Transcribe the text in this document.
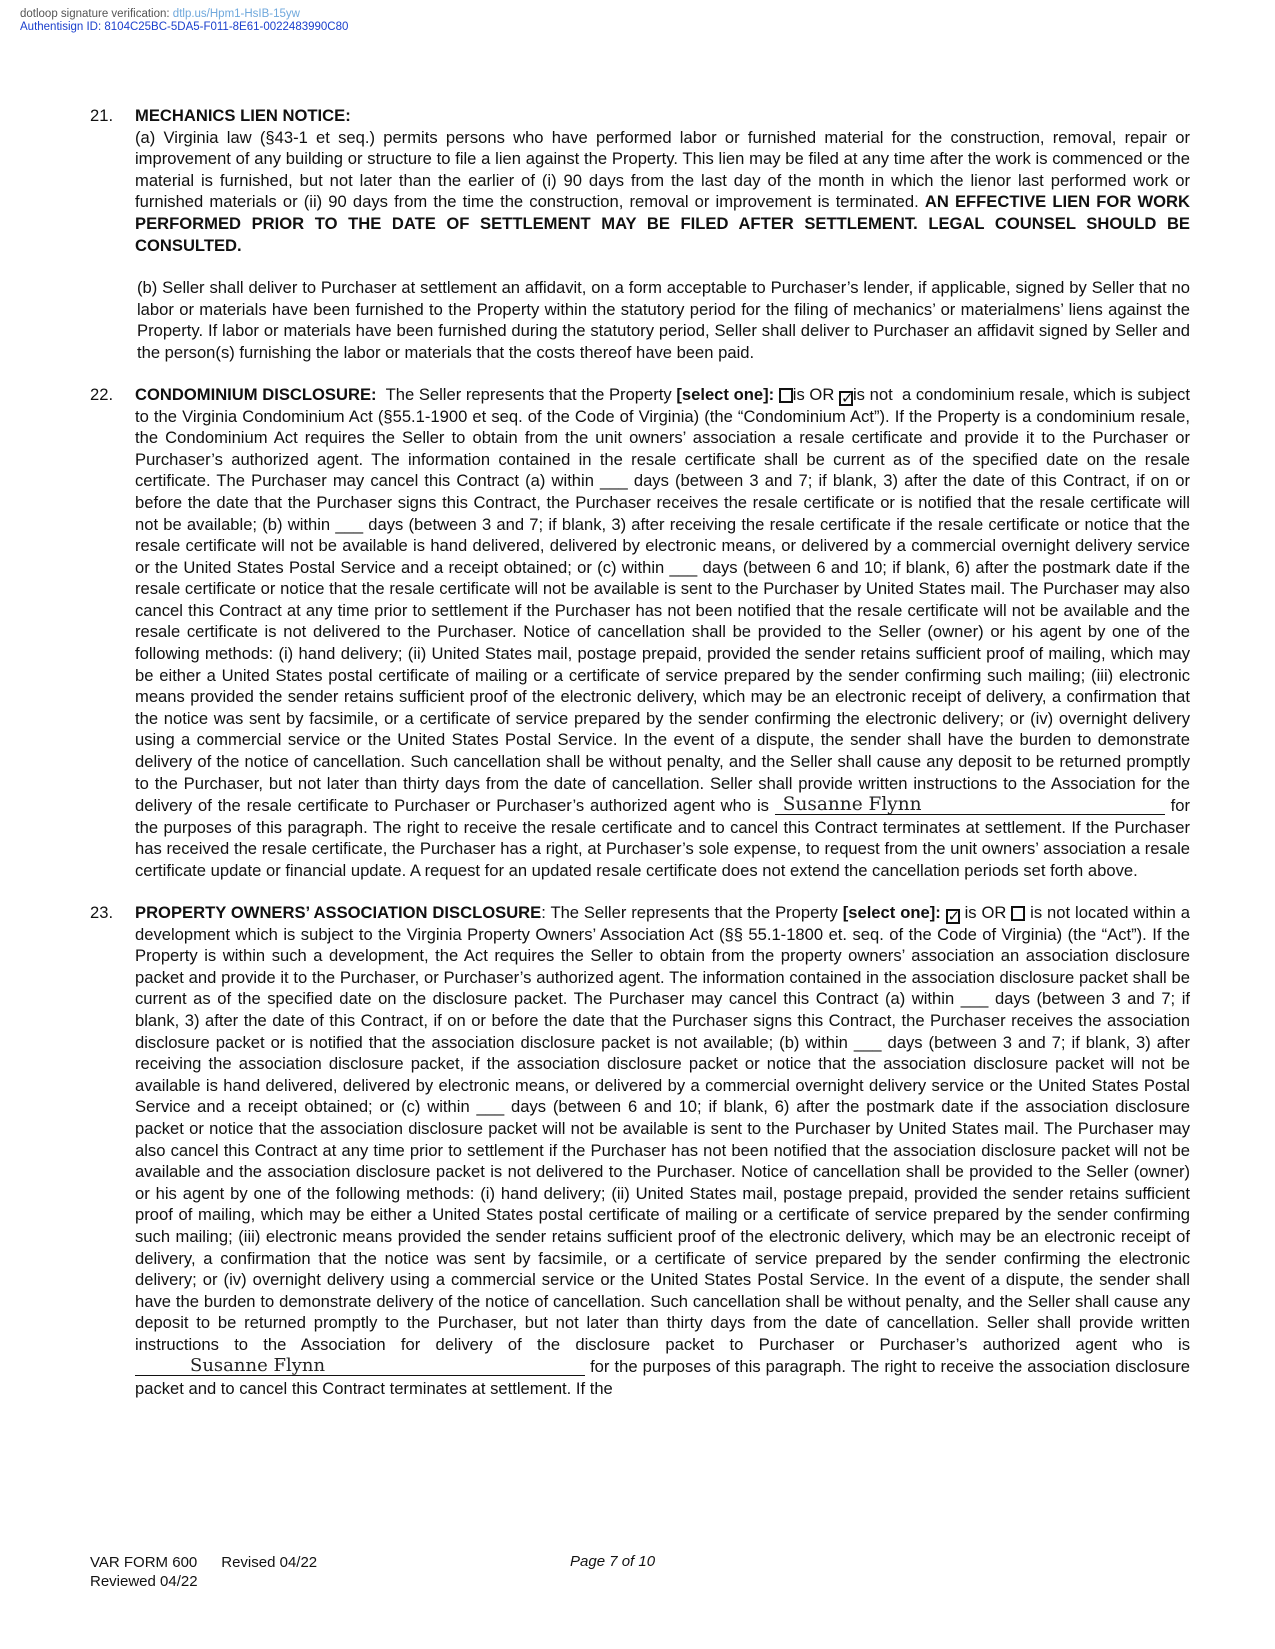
dotloop signature verification: dtlp.us/Hpm1-HsIB-15yw
Authentisign ID: 8104C25BC-5DA5-F011-8E61-0022483990C80
21. MECHANICS LIEN NOTICE:

(a) Virginia law (§43-1 et seq.) permits persons who have performed labor or furnished material for the construction, removal, repair or improvement of any building or structure to file a lien against the Property. This lien may be filed at any time after the work is commenced or the material is furnished, but not later than the earlier of (i) 90 days from the last day of the month in which the lienor last performed work or furnished materials or (ii) 90 days from the time the construction, removal or improvement is terminated. AN EFFECTIVE LIEN FOR WORK PERFORMED PRIOR TO THE DATE OF SETTLEMENT MAY BE FILED AFTER SETTLEMENT. LEGAL COUNSEL SHOULD BE CONSULTED.

(b) Seller shall deliver to Purchaser at settlement an affidavit, on a form acceptable to Purchaser’s lender, if applicable, signed by Seller that no labor or materials have been furnished to the Property within the statutory period for the filing of mechanics’ or materialmens’ liens against the Property. If labor or materials have been furnished during the statutory period, Seller shall deliver to Purchaser an affidavit signed by Seller and the person(s) furnishing the labor or materials that the costs thereof have been paid.

22. CONDOMINIUM DISCLOSURE: The Seller represents that the Property [select one]: is OR ✓ is not a condominium resale, which is subject to the Virginia Condominium Act (§55.1-1900 et seq. of the Code of Virginia) (the “Condominium Act”). If the Property is a condominium resale, the Condominium Act requires the Seller to obtain from the unit owners’ association a resale certificate and provide it to the Purchaser or Purchaser’s authorized agent. The information contained in the resale certificate shall be current as of the specified date on the resale certificate. The Purchaser may cancel this Contract (a) within ___ days (between 3 and 7; if blank, 3) after the date of this Contract, if on or before the date that the Purchaser signs this Contract, the Purchaser receives the resale certificate or is notified that the resale certificate will not be available; (b) within ___ days (between 3 and 7; if blank, 3) after receiving the resale certificate if the resale certificate or notice that the resale certificate will not be available is hand delivered, delivered by electronic means, or delivered by a commercial overnight delivery service or the United States Postal Service and a receipt obtained; or (c) within ___ days (between 6 and 10; if blank, 6) after the postmark date if the resale certificate or notice that the resale certificate will not be available is sent to the Purchaser by United States mail. The Purchaser may also cancel this Contract at any time prior to settlement if the Purchaser has not been notified that the resale certificate will not be available and the resale certificate is not delivered to the Purchaser. Notice of cancellation shall be provided to the Seller (owner) or his agent by one of the following methods: (i) hand delivery; (ii) United States mail, postage prepaid, provided the sender retains sufficient proof of mailing, which may be either a United States postal certificate of mailing or a certificate of service prepared by the sender confirming such mailing; (iii) electronic means provided the sender retains sufficient proof of the electronic delivery, which may be an electronic receipt of delivery, a confirmation that the notice was sent by facsimile, or a certificate of service prepared by the sender confirming the electronic delivery; or (iv) overnight delivery using a commercial service or the United States Postal Service. In the event of a dispute, the sender shall have the burden to demonstrate delivery of the notice of cancellation. Such cancellation shall be without penalty, and the Seller shall cause any deposit to be returned promptly to the Purchaser, but not later than thirty days from the date of cancellation. Seller shall provide written instructions to the Association for the delivery of the resale certificate to Purchaser or Purchaser’s authorized agent who is Susanne Flynn	for the purposes of this paragraph. The right to receive the resale certificate and to cancel this Contract terminates at settlement. If the Purchaser has received the resale certificate, the Purchaser has a right, at Purchaser’s sole expense, to request from the unit owners’ association a resale certificate update or financial update. A request for an updated resale certificate does not extend the cancellation periods set forth above.

23. PROPERTY OWNERS’ ASSOCIATION DISCLOSURE: The Seller represents that the Property [select one]: ✓ is OR is not located within a development which is subject to the Virginia Property Owners’ Association Act (§§ 55.1-1800 et. seq. of the Code of Virginia) (the “Act”). If the Property is within such a development, the Act requires the Seller to obtain from the property owners’ association an association disclosure packet and provide it to the Purchaser, or Purchaser’s authorized agent. The information contained in the association disclosure packet shall be current as of the specified date on the disclosure packet. The Purchaser may cancel this Contract (a) within ___ days (between 3 and 7; if blank, 3) after the date of this Contract, if on or before the date that the Purchaser signs this Contract, the Purchaser receives the association disclosure packet or is notified that the association disclosure packet is not available; (b) within ___ days (between 3 and 7; if blank, 3) after receiving the association disclosure packet, if the association disclosure packet or notice that the association disclosure packet will not be available is hand delivered, delivered by electronic means, or delivered by a commercial overnight delivery service or the United States Postal Service and a receipt obtained; or (c) within ___ days (between 6 and 10; if blank, 6) after the postmark date if the association disclosure packet or notice that the association disclosure packet will not be available is sent to the Purchaser by United States mail. The Purchaser may also cancel this Contract at any time prior to settlement if the Purchaser has not been notified that the association disclosure packet will not be available and the association disclosure packet is not delivered to the Purchaser. Notice of cancellation shall be provided to the Seller (owner) or his agent by one of the following methods: (i) hand delivery; (ii) United States mail, postage prepaid, provided the sender retains sufficient proof of mailing, which may be either a United States postal certificate of mailing or a certificate of service prepared by the sender confirming such mailing; (iii) electronic means provided the sender retains sufficient proof of the electronic delivery, which may be an electronic receipt of delivery, a confirmation that the notice was sent by facsimile, or a certificate of service prepared by the sender confirming the electronic delivery; or (iv) overnight delivery using a commercial service or the United States Postal Service. In the event of a dispute, the sender shall have the burden to demonstrate delivery of the notice of cancellation. Such cancellation shall be without penalty, and the Seller shall cause any deposit to be returned promptly to the Purchaser, but not later than thirty days from the date of cancellation. Seller shall provide written instructions to the Association for delivery of the disclosure packet to Purchaser or Purchaser’s authorized agent who is
Susanne Flynn	for the purposes of this paragraph. The right to receive the association disclosure packet and to cancel this Contract terminates at settlement. If the

VAR FORM 600 Revised 04/22
Reviewed 04/22
Page 7 of 10
